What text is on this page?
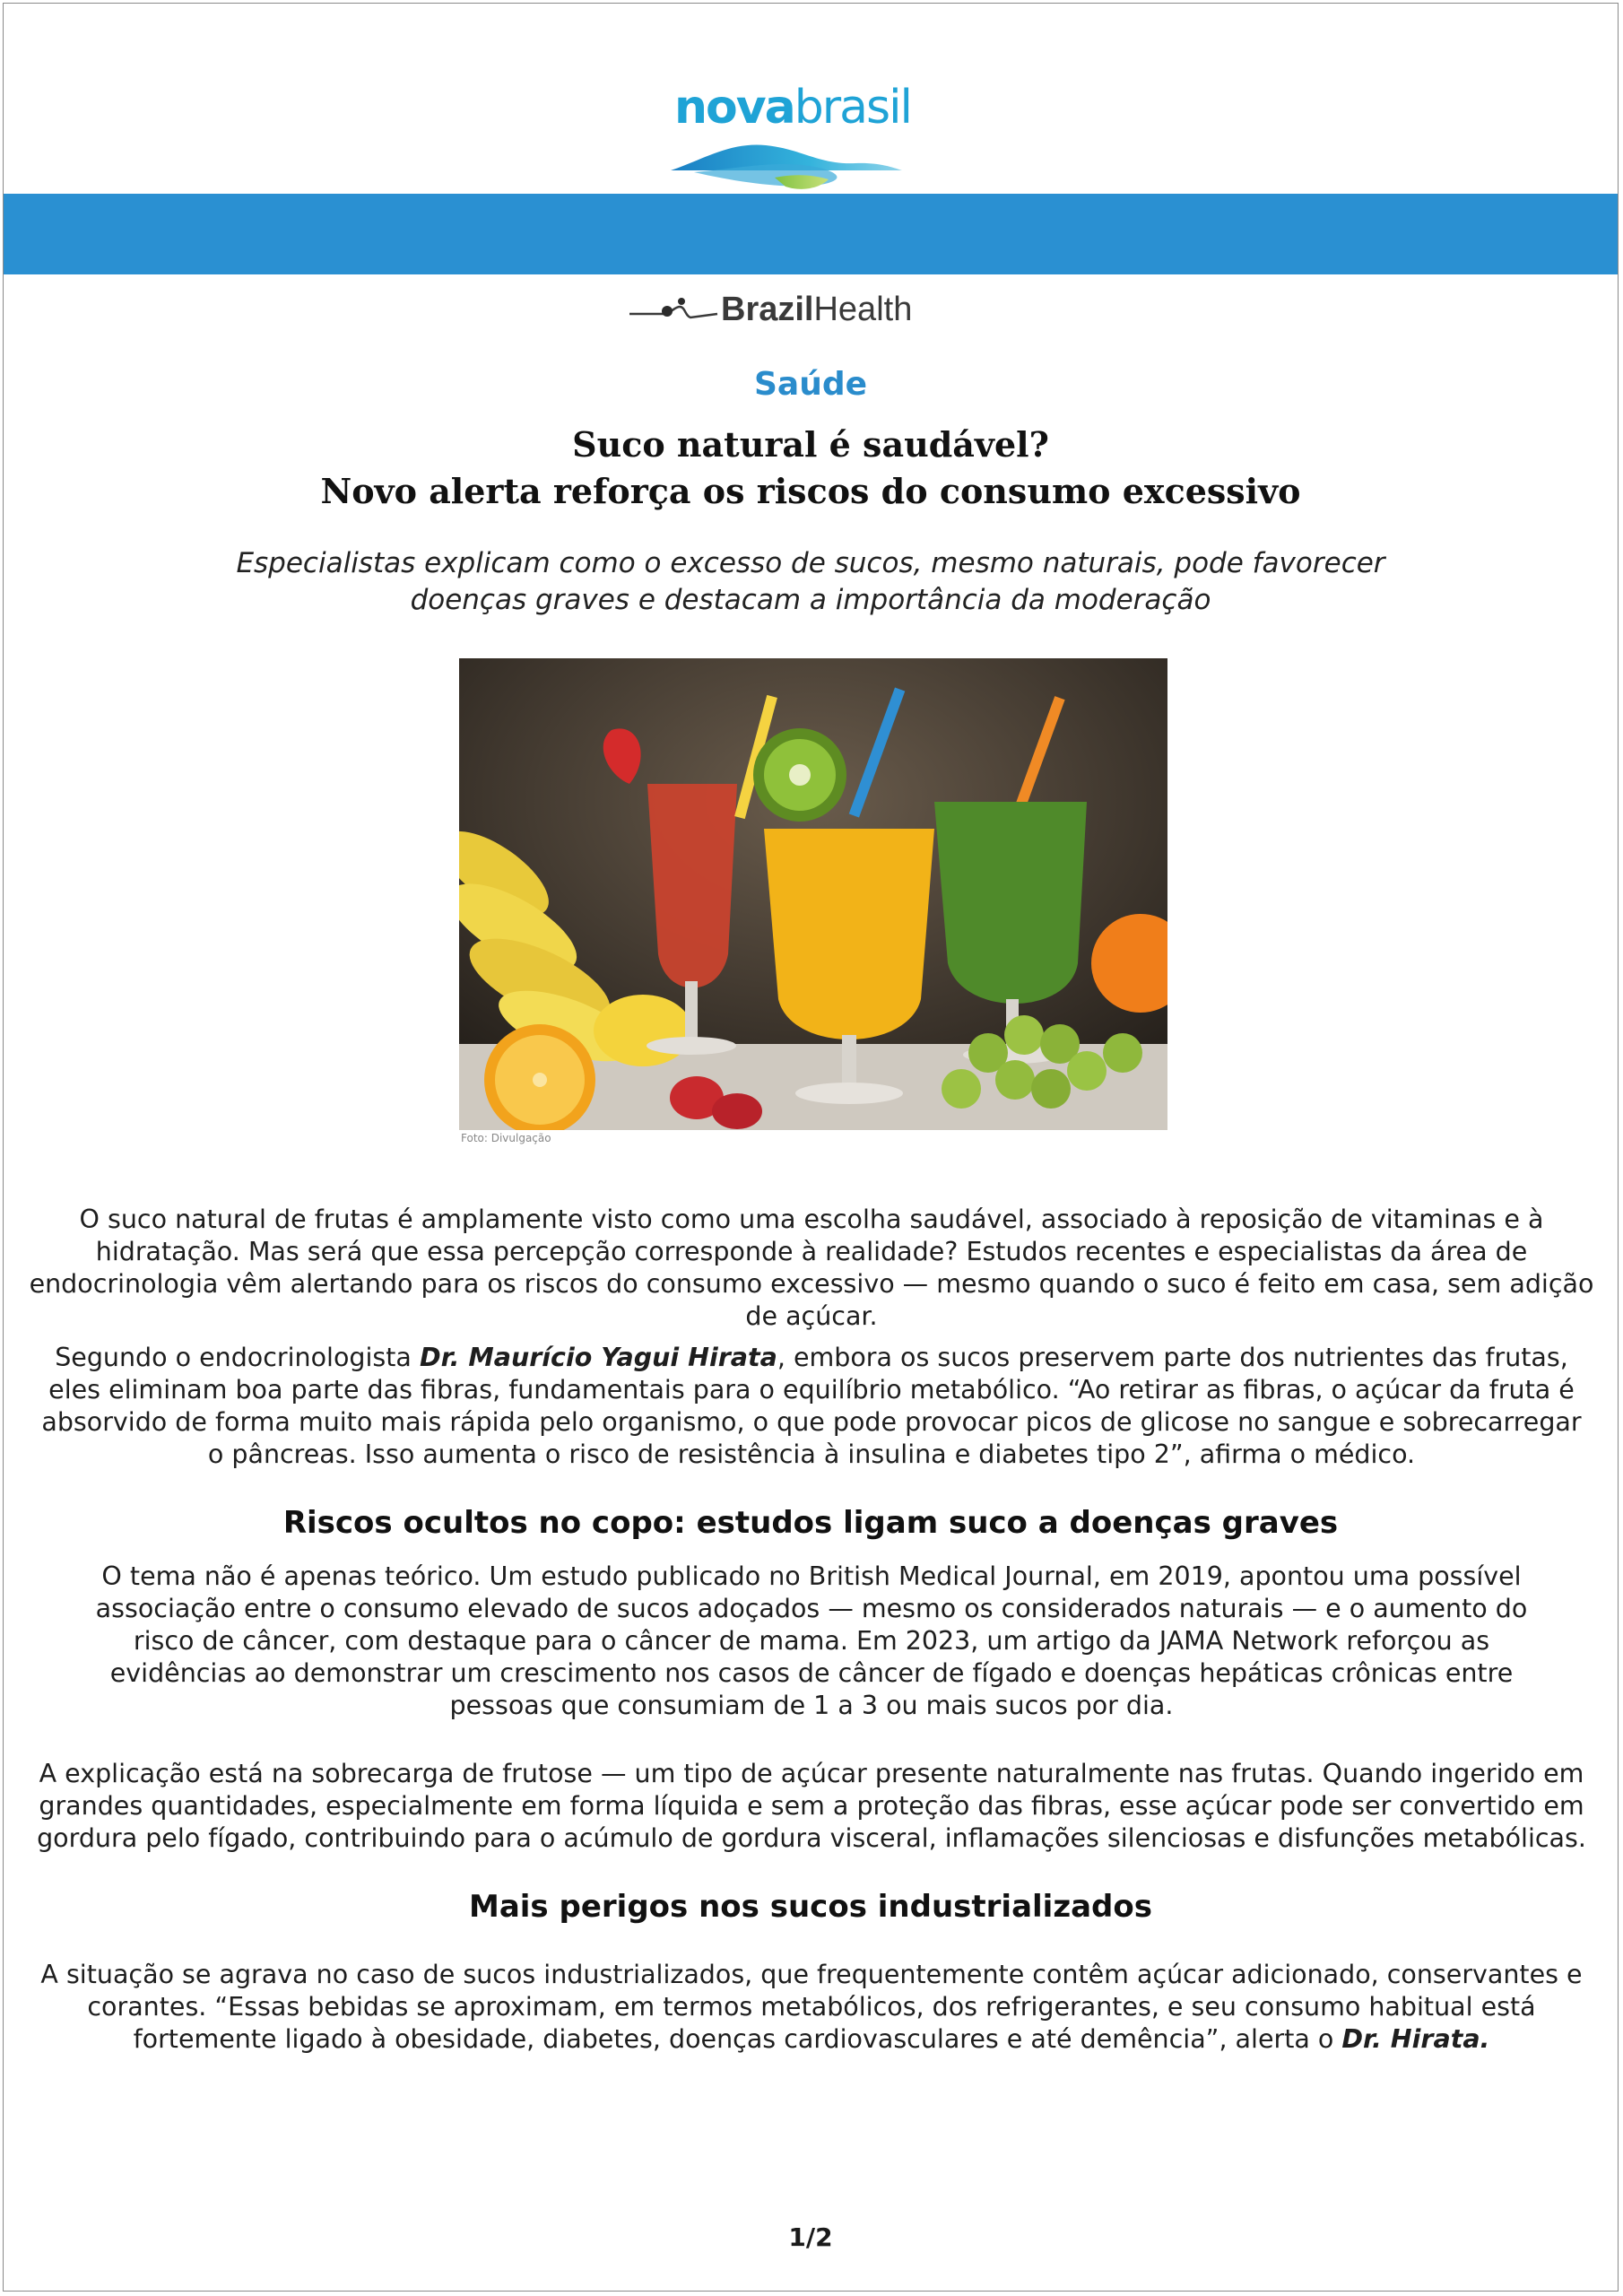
novabrasil
BrazilHealth
Saúde
Suco natural é saudável?
Novo alerta reforça os riscos do consumo excessivo
Especialistas explicam como o excesso de sucos, mesmo naturais, pode favorecer
doenças graves e destacam a importância da moderação
Foto: Divulgação

O suco natural de frutas é amplamente visto como uma escolha saudável, associado à reposição de vitaminas e à hidratação. Mas será que essa percepção corresponde à realidade? Estudos recentes e especialistas da área de endocrinologia vêm alertando para os riscos do consumo excessivo — mesmo quando o suco é feito em casa, sem adição de açúcar.

Segundo o endocrinologista Dr. Maurício Yagui Hirata, embora os sucos preservem parte dos nutrientes das frutas, eles eliminam boa parte das fibras, fundamentais para o equilíbrio metabólico. “Ao retirar as fibras, o açúcar da fruta é absorvido de forma muito mais rápida pelo organismo, o que pode provocar picos de glicose no sangue e sobrecarregar o pâncreas. Isso aumenta o risco de resistência à insulina e diabetes tipo 2”, afirma o médico.

Riscos ocultos no copo: estudos ligam suco a doenças graves

O tema não é apenas teórico. Um estudo publicado no British Medical Journal, em 2019, apontou uma possível associação entre o consumo elevado de sucos adoçados — mesmo os considerados naturais — e o aumento do risco de câncer, com destaque para o câncer de mama. Em 2023, um artigo da JAMA Network reforçou as evidências ao demonstrar um crescimento nos casos de câncer de fígado e doenças hepáticas crônicas entre pessoas que consumiam de 1 a 3 ou mais sucos por dia.

A explicação está na sobrecarga de frutose — um tipo de açúcar presente naturalmente nas frutas. Quando ingerido em grandes quantidades, especialmente em forma líquida e sem a proteção das fibras, esse açúcar pode ser convertido em gordura pelo fígado, contribuindo para o acúmulo de gordura visceral, inflamações silenciosas e disfunções metabólicas.

Mais perigos nos sucos industrializados

A situação se agrava no caso de sucos industrializados, que frequentemente contêm açúcar adicionado, conservantes e corantes. “Essas bebidas se aproximam, em termos metabólicos, dos refrigerantes, e seu consumo habitual está fortemente ligado à obesidade, diabetes, doenças cardiovasculares e até demência”, alerta o Dr. Hirata.

1/2
